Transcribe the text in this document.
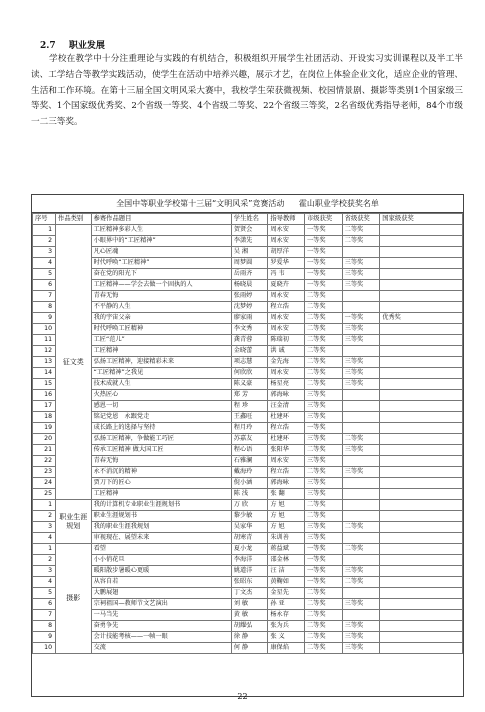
2.7 职业发展
学校在教学中十分注重理论与实践的有机结合，积极组织开展学生社团活动、开设实习实训课程以及半工半读、工学结合等教学实践活动，使学生在活动中培养兴趣，展示才艺，在岗位上体验企业文化，适应企业的管理、生活和工作环境。在第十三届全国文明风采大赛中，我校学生荣获微视频、校园情景剧、摄影等类别1个国家级三等奖、1个国家级优秀奖、2个省级一等奖、4个省级二等奖、22个省级三等奖，2名省级优秀指导老师，84个市级一二三等奖。
全国中等职业学校第十三届“文明风采”竞赛活动 霍山职业学校获奖名单
序号	作品类别	参赛作品题目	学生姓名	指导教师	市级获奖	省级获奖	国家级获奖
1	征文类	工匠精神多彩人生	贺贤会	周永安	一等奖	二等奖	
2		小眼界中的“工匠精神”	李潇先	周永安	一等奖	二等奖	
3		凡心匠魂	吴 湘	胡厚洋	一等奖		
4		时代呼唤“工匠精神”	周梦圆	罗爱华	一等奖	三等奖	
5		奋在党的阳光下	岳雨齐	冯 韦	一等奖	三等奖	
6		工匠精神——学会去做一个固执的人	杨晓晨	夏晓卉	一等奖	三等奖	
7		青春无悔	张雨婷	周永安	二等奖		
8		不平静的人生	沈梦婷	程立浩	二等奖		
9		我的宇宙父亲	廖家雨	周永安	二等奖	一等奖	优秀奖
10		时代呼唤工匠精神	李文秀	周永安	二等奖	三等奖	
11		工匠“范儿”	龚青蓉	陈瑞初	二等奖	三等奖	
12		工匠精神	金晓蕾	洪 诚	二等奖		
13		弘扬工匠精神，迎接精彩未来	项志慧	金先海	二等奖	三等奖	
14		“工匠精神”之我见	何欣欣	周永安	二等奖	三等奖	
15		技术成就人生	陈义豪	杨星亮	二等奖	三等奖	
16		火热匠心	郑 芳	郭海咏	三等奖		
17		感恩一切	程 珍	汪金清	三等奖		
18		铭记党恩　永跟党走	王鑫旺	杜建环	三等奖		
19		成长路上的选择与坚持	程月玲	程立浩	一等奖		
20		弘扬工匠精神，争做能工巧匠	苏嘉友	杜建环	三等奖	二等奖	
21		传承工匠精神 做大国工匠	程心语	张阳华	二等奖	三等奖	
22		青春无悔	石雅澜	周永安	三等奖		
23		永不消沉的精神	戴海玲	程立浩	二等奖	三等奖	
24		贾刀下的匠心	倪小涵	郭海咏	三等奖		
25		工匠精神	陈 浅	张 翻	三等奖		
1	职业生涯规划	我的计算机专业职业生涯规划书	万 欣	方 旭	二等奖		
2		职业生涯规划书	黎少敏	方 旭	二等奖		
3		我的职业生涯我规划	吴家华	方 旭	三等奖	二等奖	
4		审视现在、展望未来	胡寒青	朱训善	三等奖		
1	摄影	看望	夏小龙	蒋益斌	一等奖	二等奖	
2		小小俏花旦	李海洋	邵金林	一等奖		
3		暖阳散步暑暖心更暖	姚道洋	汪 洁	一等奖	三等奖	
4		从容自若	张昭东	黄鞠如	一等奖	二等奖	
5		大鹏展翅	丁文杰	金星先	二等奖		
6		宗祠祖国—教师节文艺演出	刘 敏	孙 亚	二等奖	三等奖	
7		一马当先	黄 敏	杨永存	二等奖		
8		奋勇争先	胡耀弘	张为兵	二等奖	三等奖	
9		会计技能考核——一帧一眼	徐 静	张 义	二等奖	三等奖	
10		交流	何 静	康保焰	二等奖	三等奖	
22
